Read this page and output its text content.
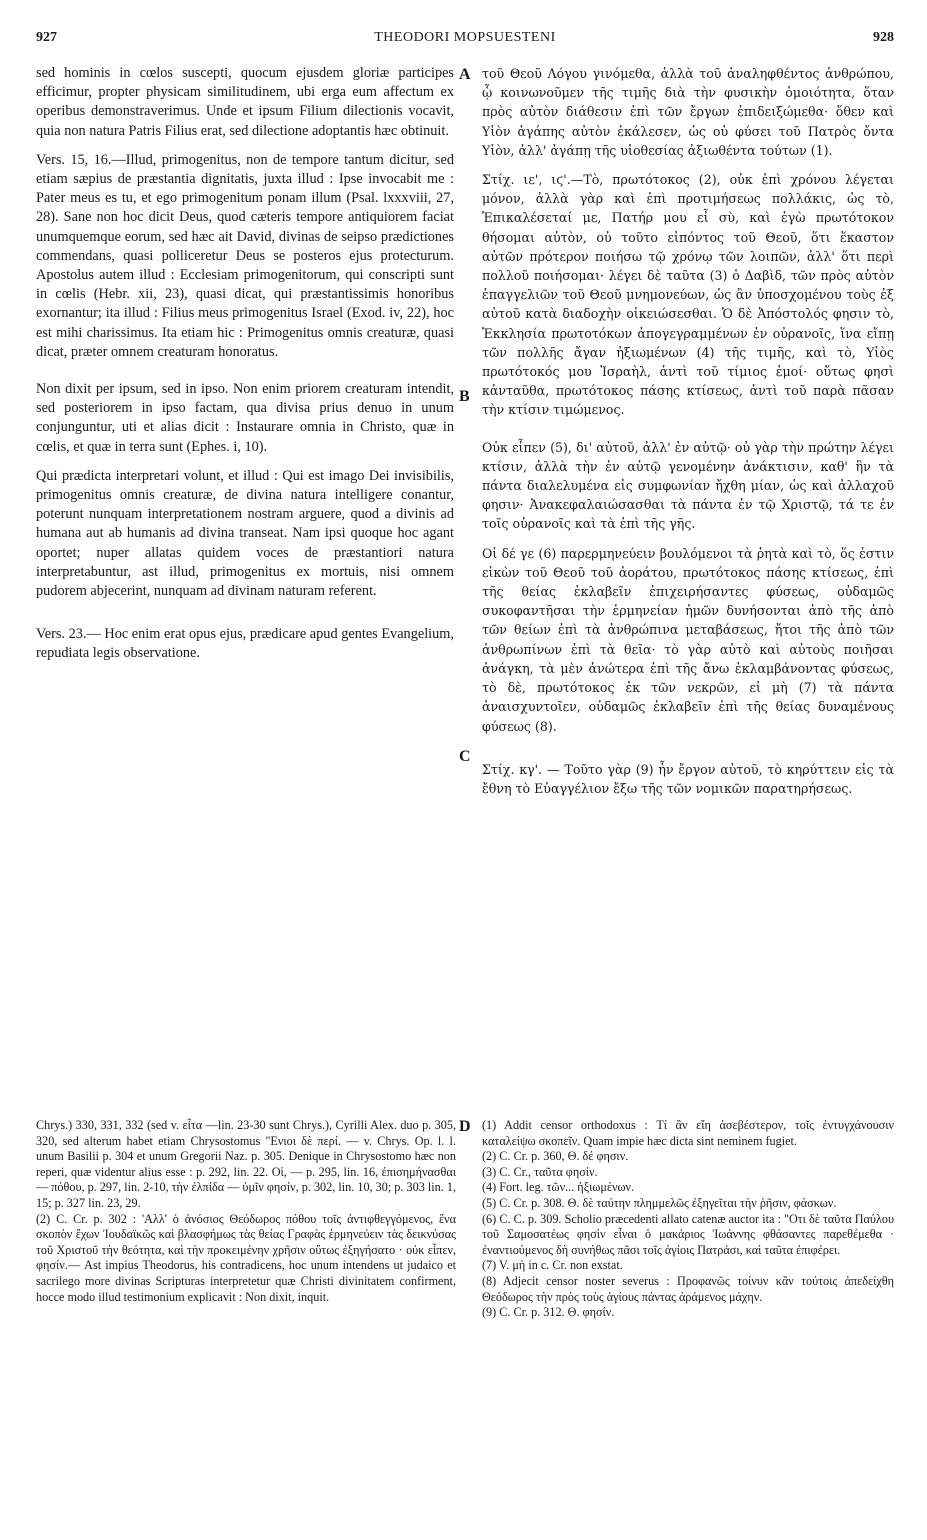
927	THEODORI MOPSUESTENI	928

sed hominis in cœlos suscepti, quocum ejusdem gloriæ participes efficimur, propter physicam similitudinem, ubi erga eum affectum ex operibus demonstraverimus. Unde et ipsum Filium dilectionis vocavit, quia non natura Patris Filius erat, sed dilectione adoptantis hæc obtinuit.

Vers. 15, 16.—Illud, primogenitus, non de tempore tantum dicitur, sed etiam sæpius de præstantia dignitatis, juxta illud : Ipse invocabit me : Pater meus es tu, et ego primogenitum ponam illum (Psal. lxxxviii, 27, 28). Sane non hoc dicit Deus, quod cæteris tempore antiquiorem faciat unumquemque eorum, sed hæc ait David, divinas de seipso prædictiones commendans, quasi polliceretur Deus se posteros ejus protecturum. Apostolus autem illud : Ecclesiam primogenitorum, qui conscripti sunt in cœlis (Hebr. xii, 23), quasi dicat, qui præstantissimis honoribus exornantur; ita illud : Filius meus primogenitus Israel (Exod. iv, 22), hoc est mihi charissimus. Ita etiam hic : Primogenitus omnis creaturæ, quasi dicat, præter omnem creaturam honoratus.

Non dixit per ipsum, sed in ipso. Non enim priorem creaturam intendit, sed posteriorem in ipso factam, qua divisa prius denuo in unum conjunguntur, uti et alias dicit : Instaurare omnia in Christo, quæ in cœlis, et quæ in terra sunt (Ephes. i, 10).

Qui prædicta interpretari volunt, et illud : Qui est imago Dei invisibilis, primogenitus omnis creaturæ, de divina natura intelligere conantur, poterunt nunquam interpretationem nostram arguere, quod a divinis ad humana aut ab humanis ad divina transeat. Nam ipsi quoque hoc agant oportet; nuper allatas quidem voces de præstantiori natura interpretabuntur, ast illud, primogenitus ex mortuis, nisi omnem pudorem abjecerint, nunquam ad divinam naturam referent.

Vers. 23.— Hoc enim erat opus ejus, prædicare apud gentes Evangelium, repudiata legis observatione.

A
B
C
D

τοῦ Θεοῦ Λόγου γινόμεθα, ἀλλὰ τοῦ ἀναληφθέντος ἀνθρώπου, ᾧ κοινωνοῦμεν τῆς τιμῆς διὰ τὴν φυσικὴν ὁμοιότητα, ὅταν πρὸς αὐτὸν διάθεσιν ἐπὶ τῶν ἔργων ἐπιδειξώμεθα· ὅθεν καὶ Υἱὸν ἀγάπης αὐτὸν ἐκάλεσεν, ὡς οὐ φύσει τοῦ Πατρὸς ὄντα Υἱὸν, ἀλλ' ἀγάπῃ τῆς υἱοθεσίας ἀξιωθέντα τούτων (1).

Στίχ. ιε', ιϛ'.—Τὸ, πρωτότοκος (2), οὐκ ἐπὶ χρόνου λέγεται μόνον, ἀλλὰ γὰρ καὶ ἐπὶ προτιμήσεως πολλάκις, ὡς τὸ, Ἐπικαλέσεταί με, Πατήρ μου εἶ σὺ, καὶ ἐγὼ πρωτότοκον θήσομαι αὐτὸν, οὐ τοῦτο εἰπόντος τοῦ Θεοῦ, ὅτι ἕκαστον αὐτῶν πρότερον ποιήσω τῷ χρόνῳ τῶν λοιπῶν, ἀλλ' ὅτι περὶ πολλοῦ ποιήσομαι· λέγει δὲ ταῦτα (3) ὁ Δαβὶδ, τῶν πρὸς αὐτὸν ἐπαγγελιῶν τοῦ Θεοῦ μνημονεύων, ὡς ἂν ὑποσχομένου τοὺς ἐξ αὐτοῦ κατὰ διαδοχὴν οἰκειώσεσθαι. Ὁ δὲ Ἀπόστολός φησιν τὸ, Ἐκκλησία πρωτοτόκων ἀπογεγραμμένων ἐν οὐρανοῖς, ἵνα εἴπῃ τῶν πολλῆς ἄγαν ἠξιωμένων (4) τῆς τιμῆς, καὶ τὸ, Υἱὸς πρωτότοκός μου Ἰσραὴλ, ἀντὶ τοῦ τίμιος ἐμοί· οὕτως φησὶ κἀνταῦθα, πρωτότοκος πάσης κτίσεως, ἀντὶ τοῦ παρὰ πᾶσαν τὴν κτίσιν τιμώμενος.

Οὐκ εἶπεν (5), δι' αὐτοῦ, ἀλλ' ἐν αὐτῷ· οὐ γὰρ τὴν πρώτην λέγει κτίσιν, ἀλλὰ τὴν ἐν αὐτῷ γενομένην ἀνάκτισιν, καθ' ἣν τὰ πάντα διαλελυμένα εἰς συμφωνίαν ἤχθη μίαν, ὡς καὶ ἀλλαχοῦ φησιν· Ἀνακεφαλαιώσασθαι τὰ πάντα ἐν τῷ Χριστῷ, τά τε ἐν τοῖς οὐρανοῖς καὶ τὰ ἐπὶ τῆς γῆς.

Οἱ δέ γε (6) παρερμηνεύειν βουλόμενοι τὰ ῥητὰ καὶ τὸ, ὅς ἐστιν εἰκὼν τοῦ Θεοῦ τοῦ ἀοράτου, πρωτότοκος πάσης κτίσεως, ἐπὶ τῆς θείας ἐκλαβεῖν ἐπιχειρήσαντες φύσεως, οὐδαμῶς συκοφαντῆσαι τὴν ἑρμηνείαν ἡμῶν δυνήσονται ἀπὸ τῆς ἀπὸ τῶν θείων ἐπὶ τὰ ἀνθρώπινα μεταβάσεως, ἤτοι τῆς ἀπὸ τῶν ἀνθρωπίνων ἐπὶ τὰ θεῖα· τὸ γὰρ αὐτὸ καὶ αὐτοὺς ποιῆσαι ἀνάγκη, τὰ μὲν ἀνώτερα ἐπὶ τῆς ἄνω ἐκλαμβάνοντας φύσεως, τὸ δὲ, πρωτότοκος ἐκ τῶν νεκρῶν, εἰ μὴ (7) τὰ πάντα ἀναισχυντοῖεν, οὐδαμῶς ἐκλαβεῖν ἐπὶ τῆς θείας δυναμένους φύσεως (8).

Στίχ. κγ'. — Τοῦτο γὰρ (9) ἦν ἔργον αὐτοῦ, τὸ κηρύττειν εἰς τὰ ἔθνη τὸ Εὐαγγέλιον ἔξω τῆς τῶν νομικῶν παρατηρήσεως.

Chrys.) 330, 331, 332 (sed v. εἶτα —lin. 23-30 sunt Chrys.), Cyrilli Alex. duo p. 305, 320, sed alterum habet etiam Chrysostomus "Ενιοι δὲ περί. — v. Chrys. Op. l. l. unum Basilii p. 304 et unum Gregorii Naz. p. 305. Denique in Chrysostomo hæc non reperi, quæ videntur alius esse : p. 292, lin. 22. Οἱ, — p. 295, lin. 16, ἐπισημήνασθαι — πόθου, p. 297, lin. 2-10, τὴν ἐλπίδα — ὑμῖν φησίν, p. 302, lin. 10, 30; p. 303 lin. 1, 15; p. 327 lin. 23, 29.

(2) C. Cr. p. 302 : 'Αλλ' ὁ ἀνόσιος Θεόδωρος πόθου τοῖς ἀντιφθεγγόμενος, ἕνα σκοπὸν ἔχων Ἰουδαϊκῶς καὶ βλασφήμως τὰς θείας Γραφὰς ἑρμηνεύειν τὰς δεικνύσας τοῦ Χριστοῦ τὴν θεότητα, καὶ τὴν προκειμένην χρῆσιν οὕτως ἐξηγήσατο · οὐκ εἶπεν, φησίν.— Ast impius Theodorus, his contradicens, hoc unum intendens ut judaico et sacrilego more divinas Scripturas interpretetur quæ Christi divinitatem confirment, hocce modo illud testimonium explicavit : Non dixit, inquit.

(1) Addit censor orthodoxus : Τί ἂν εἴη ἀσεβέστερον, τοῖς ἐντυγχάνουσιν καταλείψω σκοπεῖν. Quam impie hæc dicta sint neminem fugiet.

(2) C. Cr. p. 360, Θ. δέ φησιν.

(3) C. Cr., ταῦτα φησίν.

(4) Fort. leg. τῶν... ἠξιωμένων.

(5) C. Cr. p. 308. Θ. δὲ ταύτην πλημμελῶς ἐξηγεῖται τὴν ῥῆσιν, φάσκων.

(6) C. C. p. 309. Scholio præcedenti allato catenæ auctor ita : "Οτι δὲ ταῦτα Παύλου τοῦ Σαμοσατέως φησὶν εἶναι ὁ μακάριος Ἰωάννης φθάσαντες παρεθέμεθα · ἐναντιούμενος δὴ συνήθως πᾶσι τοῖς ἁγίοις Πατράσι, καὶ ταῦτα ἐπιφέρει.

(7) V. μὴ in c. Cr. non exstat.

(8) Adjecit censor noster severus : Προφανῶς τοίνυν κἂν τούτοις ἀπεδείχθη Θεόδωρος τὴν πρὸς τοὺς ἁγίους πάντας ἀράμενος μάχην.

(9) C. Cr. p. 312. Θ. φησίν.
